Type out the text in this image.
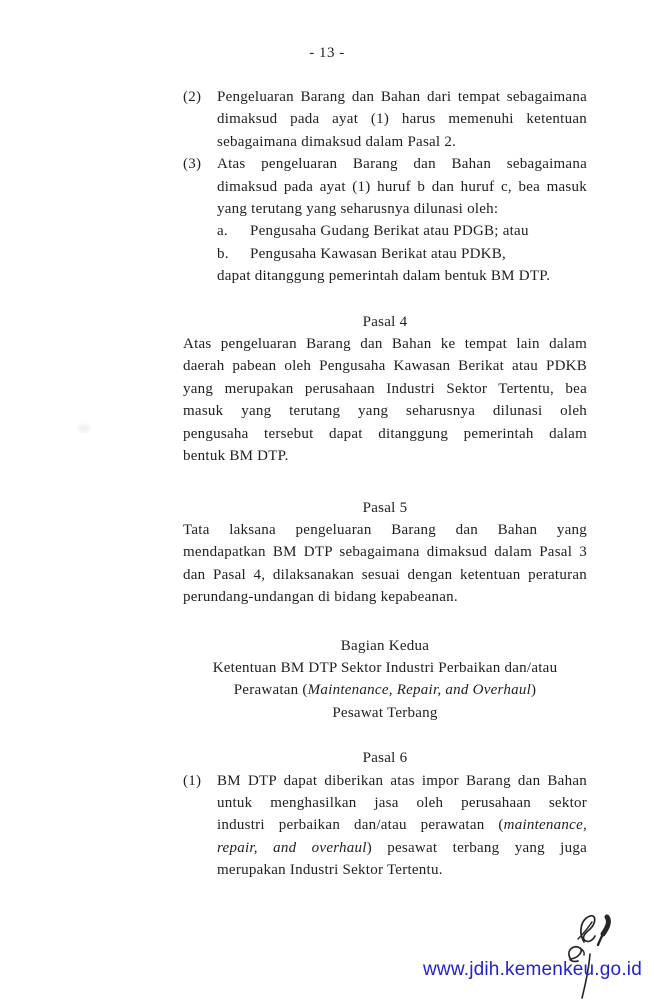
- 13 -
(2) Pengeluaran Barang dan Bahan dari tempat sebagaimana
dimaksud pada ayat (1) harus memenuhi ketentuan
sebagaimana dimaksud dalam Pasal 2.
(3) Atas pengeluaran Barang dan Bahan sebagaimana
dimaksud pada ayat (1) huruf b dan huruf c, bea masuk
yang terutang yang seharusnya dilunasi oleh:
a. Pengusaha Gudang Berikat atau PDGB; atau
b. Pengusaha Kawasan Berikat atau PDKB,
dapat ditanggung pemerintah dalam bentuk BM DTP.
Pasal 4
Atas pengeluaran Barang dan Bahan ke tempat lain dalam
daerah pabean oleh Pengusaha Kawasan Berikat atau PDKB
yang merupakan perusahaan Industri Sektor Tertentu, bea
masuk yang terutang yang seharusnya dilunasi oleh
pengusaha tersebut dapat ditanggung pemerintah dalam
bentuk BM DTP.
Pasal 5
Tata laksana pengeluaran Barang dan Bahan yang
mendapatkan BM DTP sebagaimana dimaksud dalam Pasal 3
dan Pasal 4, dilaksanakan sesuai dengan ketentuan peraturan
perundang-undangan di bidang kepabeanan.
Bagian Kedua
Ketentuan BM DTP Sektor Industri Perbaikan dan/atau
Perawatan (Maintenance, Repair, and Overhaul)
Pesawat Terbang
Pasal 6
(1) BM DTP dapat diberikan atas impor Barang dan Bahan
untuk menghasilkan jasa oleh perusahaan sektor
industri perbaikan dan/atau perawatan (maintenance,
repair, and overhaul) pesawat terbang yang juga
merupakan Industri Sektor Tertentu.
www.jdih.kemenkeu.go.id
